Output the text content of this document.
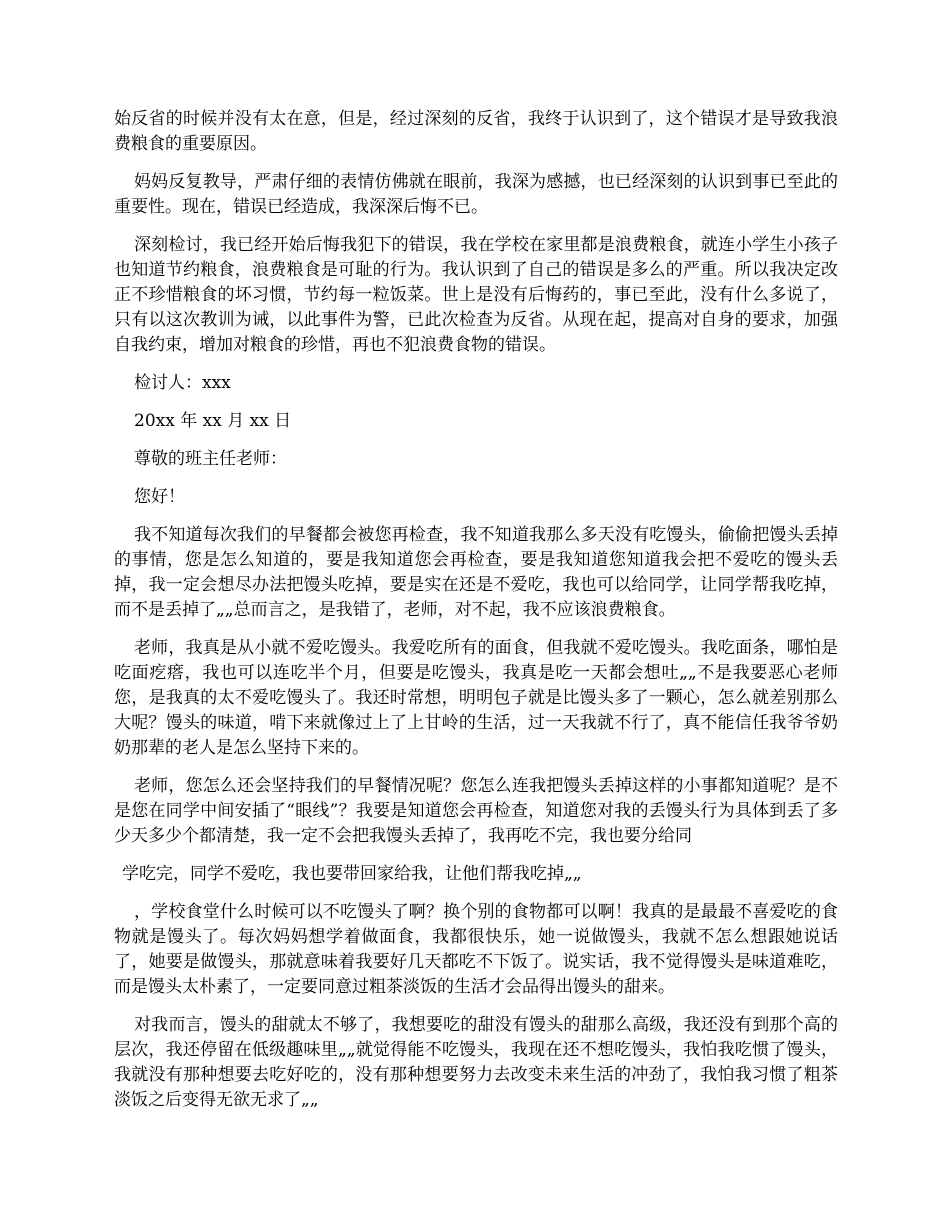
始反省的时候并没有太在意，但是，经过深刻的反省，我终于认识到了，这个错误才是导致我浪费粮食的重要原因。

妈妈反复教导，严肃仔细的表情仿佛就在眼前，我深为感撼，也已经深刻的认识到事已至此的重要性。现在，错误已经造成，我深深后悔不已。

深刻检讨，我已经开始后悔我犯下的错误，我在学校在家里都是浪费粮食，就连小学生小孩子也知道节约粮食，浪费粮食是可耻的行为。我认识到了自己的错误是多么的严重。所以我决定改正不珍惜粮食的坏习惯，节约每一粒饭菜。世上是没有后悔药的，事已至此，没有什么多说了，只有以这次教训为诫，以此事件为警，已此次检查为反省。从现在起，提高对自身的要求，加强自我约束，增加对粮食的珍惜，再也不犯浪费食物的错误。

检讨人：xxx

20xx 年 xx 月 xx 日

尊敬的班主任老师：

您好！

我不知道每次我们的早餐都会被您再检查，我不知道我那么多天没有吃馒头，偷偷把馒头丢掉的事情，您是怎么知道的，要是我知道您会再检查，要是我知道您知道我会把不爱吃的馒头丢掉，我一定会想尽办法把馒头吃掉，要是实在还是不爱吃，我也可以给同学，让同学帮我吃掉，而不是丢掉了„„总而言之，是我错了，老师，对不起，我不应该浪费粮食。

老师，我真是从小就不爱吃馒头。我爱吃所有的面食，但我就不爱吃馒头。我吃面条，哪怕是吃面疙瘩，我也可以连吃半个月，但要是吃馒头，我真是吃一天都会想吐„„不是我要恶心老师您，是我真的太不爱吃馒头了。我还时常想，明明包子就是比馒头多了一颗心，怎么就差别那么大呢？馒头的味道，啃下来就像过上了上甘岭的生活，过一天我就不行了，真不能信任我爷爷奶奶那辈的老人是怎么坚持下来的。

老师，您怎么还会坚持我们的早餐情况呢？您怎么连我把馒头丢掉这样的小事都知道呢？是不是您在同学中间安插了“眼线”？我要是知道您会再检查，知道您对我的丢馒头行为具体到丢了多少天多少个都清楚，我一定不会把我馒头丢掉了，我再吃不完，我也要分给同

学吃完，同学不爱吃，我也要带回家给我，让他们帮我吃掉„„

，学校食堂什么时候可以不吃馒头了啊？换个别的食物都可以啊！我真的是最最不喜爱吃的食物就是馒头了。每次妈妈想学着做面食，我都很快乐，她一说做馒头，我就不怎么想跟她说话了，她要是做馒头，那就意味着我要好几天都吃不下饭了。说实话，我不觉得馒头是味道难吃，而是馒头太朴素了，一定要同意过粗茶淡饭的生活才会品得出馒头的甜来。

对我而言，馒头的甜就太不够了，我想要吃的甜没有馒头的甜那么高级，我还没有到那个高的层次，我还停留在低级趣味里„„就觉得能不吃馒头，我现在还不想吃馒头，我怕我吃惯了馒头，我就没有那种想要去吃好吃的，没有那种想要努力去改变未来生活的冲劲了，我怕我习惯了粗茶淡饭之后变得无欲无求了„„
